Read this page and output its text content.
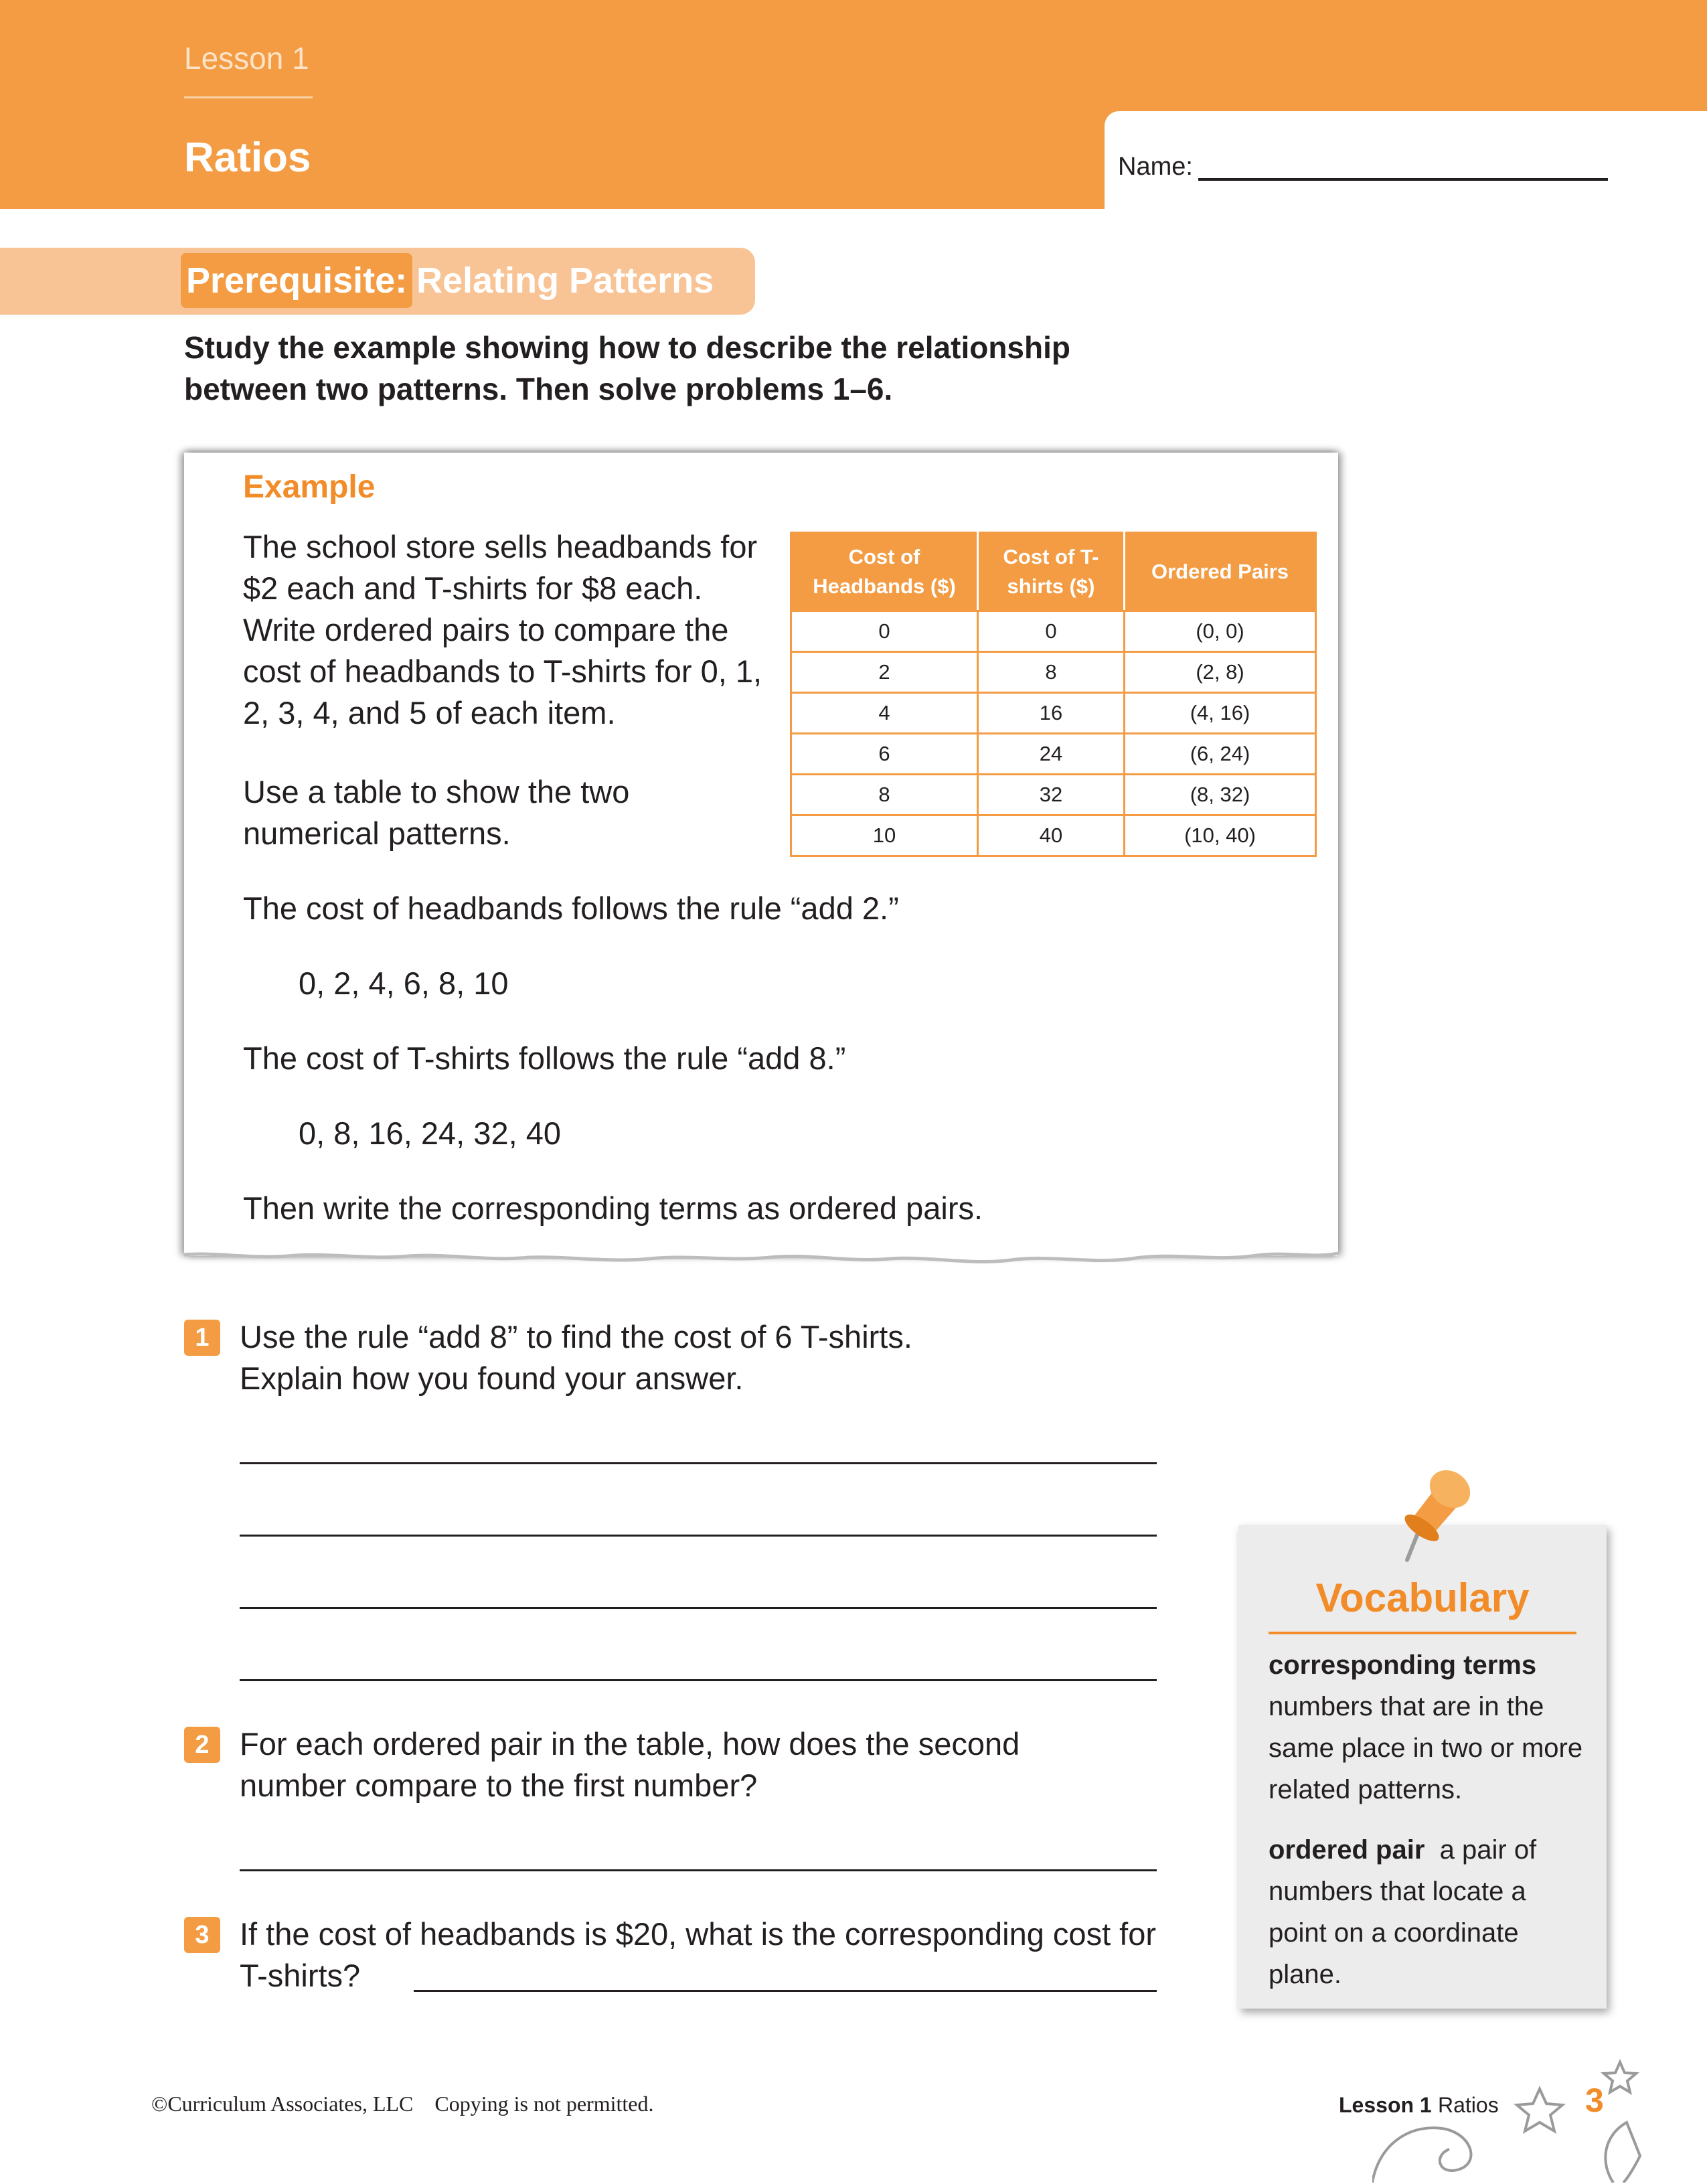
Lesson 1
Ratios	Name:
Prerequisite: Relating Patterns
Study the example showing how to describe the relationship between two patterns. Then solve problems 1–6.
Example
The school store sells headbands for $2 each and T-shirts for $8 each. Write ordered pairs to compare the cost of headbands to T-shirts for 0, 1, 2, 3, 4, and 5 of each item.
Use a table to show the two numerical patterns.
The cost of headbands follows the rule “add 2.”
0, 2, 4, 6, 8, 10
The cost of T-shirts follows the rule “add 8.”
0, 8, 16, 24, 32, 40
Then write the corresponding terms as ordered pairs.
Cost of Headbands ($)	Cost of T-shirts ($)	Ordered Pairs
0	0	(0, 0)
2	8	(2, 8)
4	16	(4, 16)
6	24	(6, 24)
8	32	(8, 32)
10	40	(10, 40)
1 Use the rule “add 8” to find the cost of 6 T-shirts. Explain how you found your answer.
2 For each ordered pair in the table, how does the second number compare to the first number?
3 If the cost of headbands is $20, what is the corresponding cost for T-shirts?
Vocabulary
corresponding terms  numbers that are in the same place in two or more related patterns.
ordered pair a pair of numbers that locate a point on a coordinate plane.
©Curriculum Associates, LLC    Copying is not permitted.	Lesson 1 Ratios	3
